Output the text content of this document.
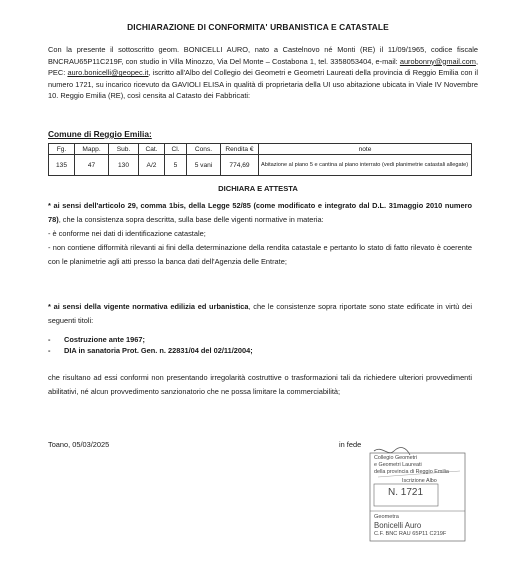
DICHIARAZIONE DI CONFORMITA' URBANISTICA E CATASTALE
Con la presente il sottoscritto geom. BONICELLI AURO, nato a Castelnovo né Monti (RE) il 11/09/1965, codice fiscale BNCRAU65P11C219F, con studio in Villa Minozzo, Via Del Monte – Costabona 1, tel. 3358053404, e-mail: aurobonny@gmail.com, PEC: auro.bonicelli@geopec.it, iscritto all'Albo del Collegio dei Geometri e Geometri Laureati della provincia di Reggio Emilia con il numero 1721, su incarico ricevuto da GAVIOLI ELISA in qualità di proprietaria della UI uso abitazione ubicata in Viale IV Novembre 10. Reggio Emilia (RE), così censita al Catasto dei Fabbricati:
Comune di Reggio Emilia:
Fg.	Mapp.	Sub.	Cat.	Cl.	Cons.	Rendita €	note
135	47	130	A/2	5	5 vani	774,69	Abitazione al piano 5 e cantina al piano interrato (vedi planimetrie catastali allegate)
DICHIARA E ATTESTA
* ai sensi dell'articolo 29, comma 1bis, della Legge 52/85 (come modificato e integrato dal D.L. 31maggio 2010 numero 78), che la consistenza sopra descritta, sulla base delle vigenti normative in materia:
- è conforme nei dati di identificazione catastale;
- non contiene difformità rilevanti ai fini della determinazione della rendita catastale e pertanto lo stato di fatto rilevato è coerente con le planimetrie agli atti presso la banca dati dell'Agenzia delle Entrate;
* ai sensi della vigente normativa edilizia ed urbanistica, che le consistenze sopra riportate sono state edificate in virtù dei seguenti titoli:
- Costruzione ante 1967;
- DIA in sanatoria Prot. Gen. n. 22831/04 del 02/11/2004;
che risultano ad essi conformi non presentando irregolarità costruttive o trasformazioni tali da richiedere ulteriori provvedimenti abilitativi, né alcun provvedimento sanzionatorio che ne possa limitare la commerciabilità;
Toano, 05/03/2025	in fede
Collegio Geometri
e Geometri Laureati
della provincia di Reggio Emilia
Iscrizione Albo
N. 1721
Geometra
Bonicelli Auro
C.F. BNC RAU 65P11 C219F
